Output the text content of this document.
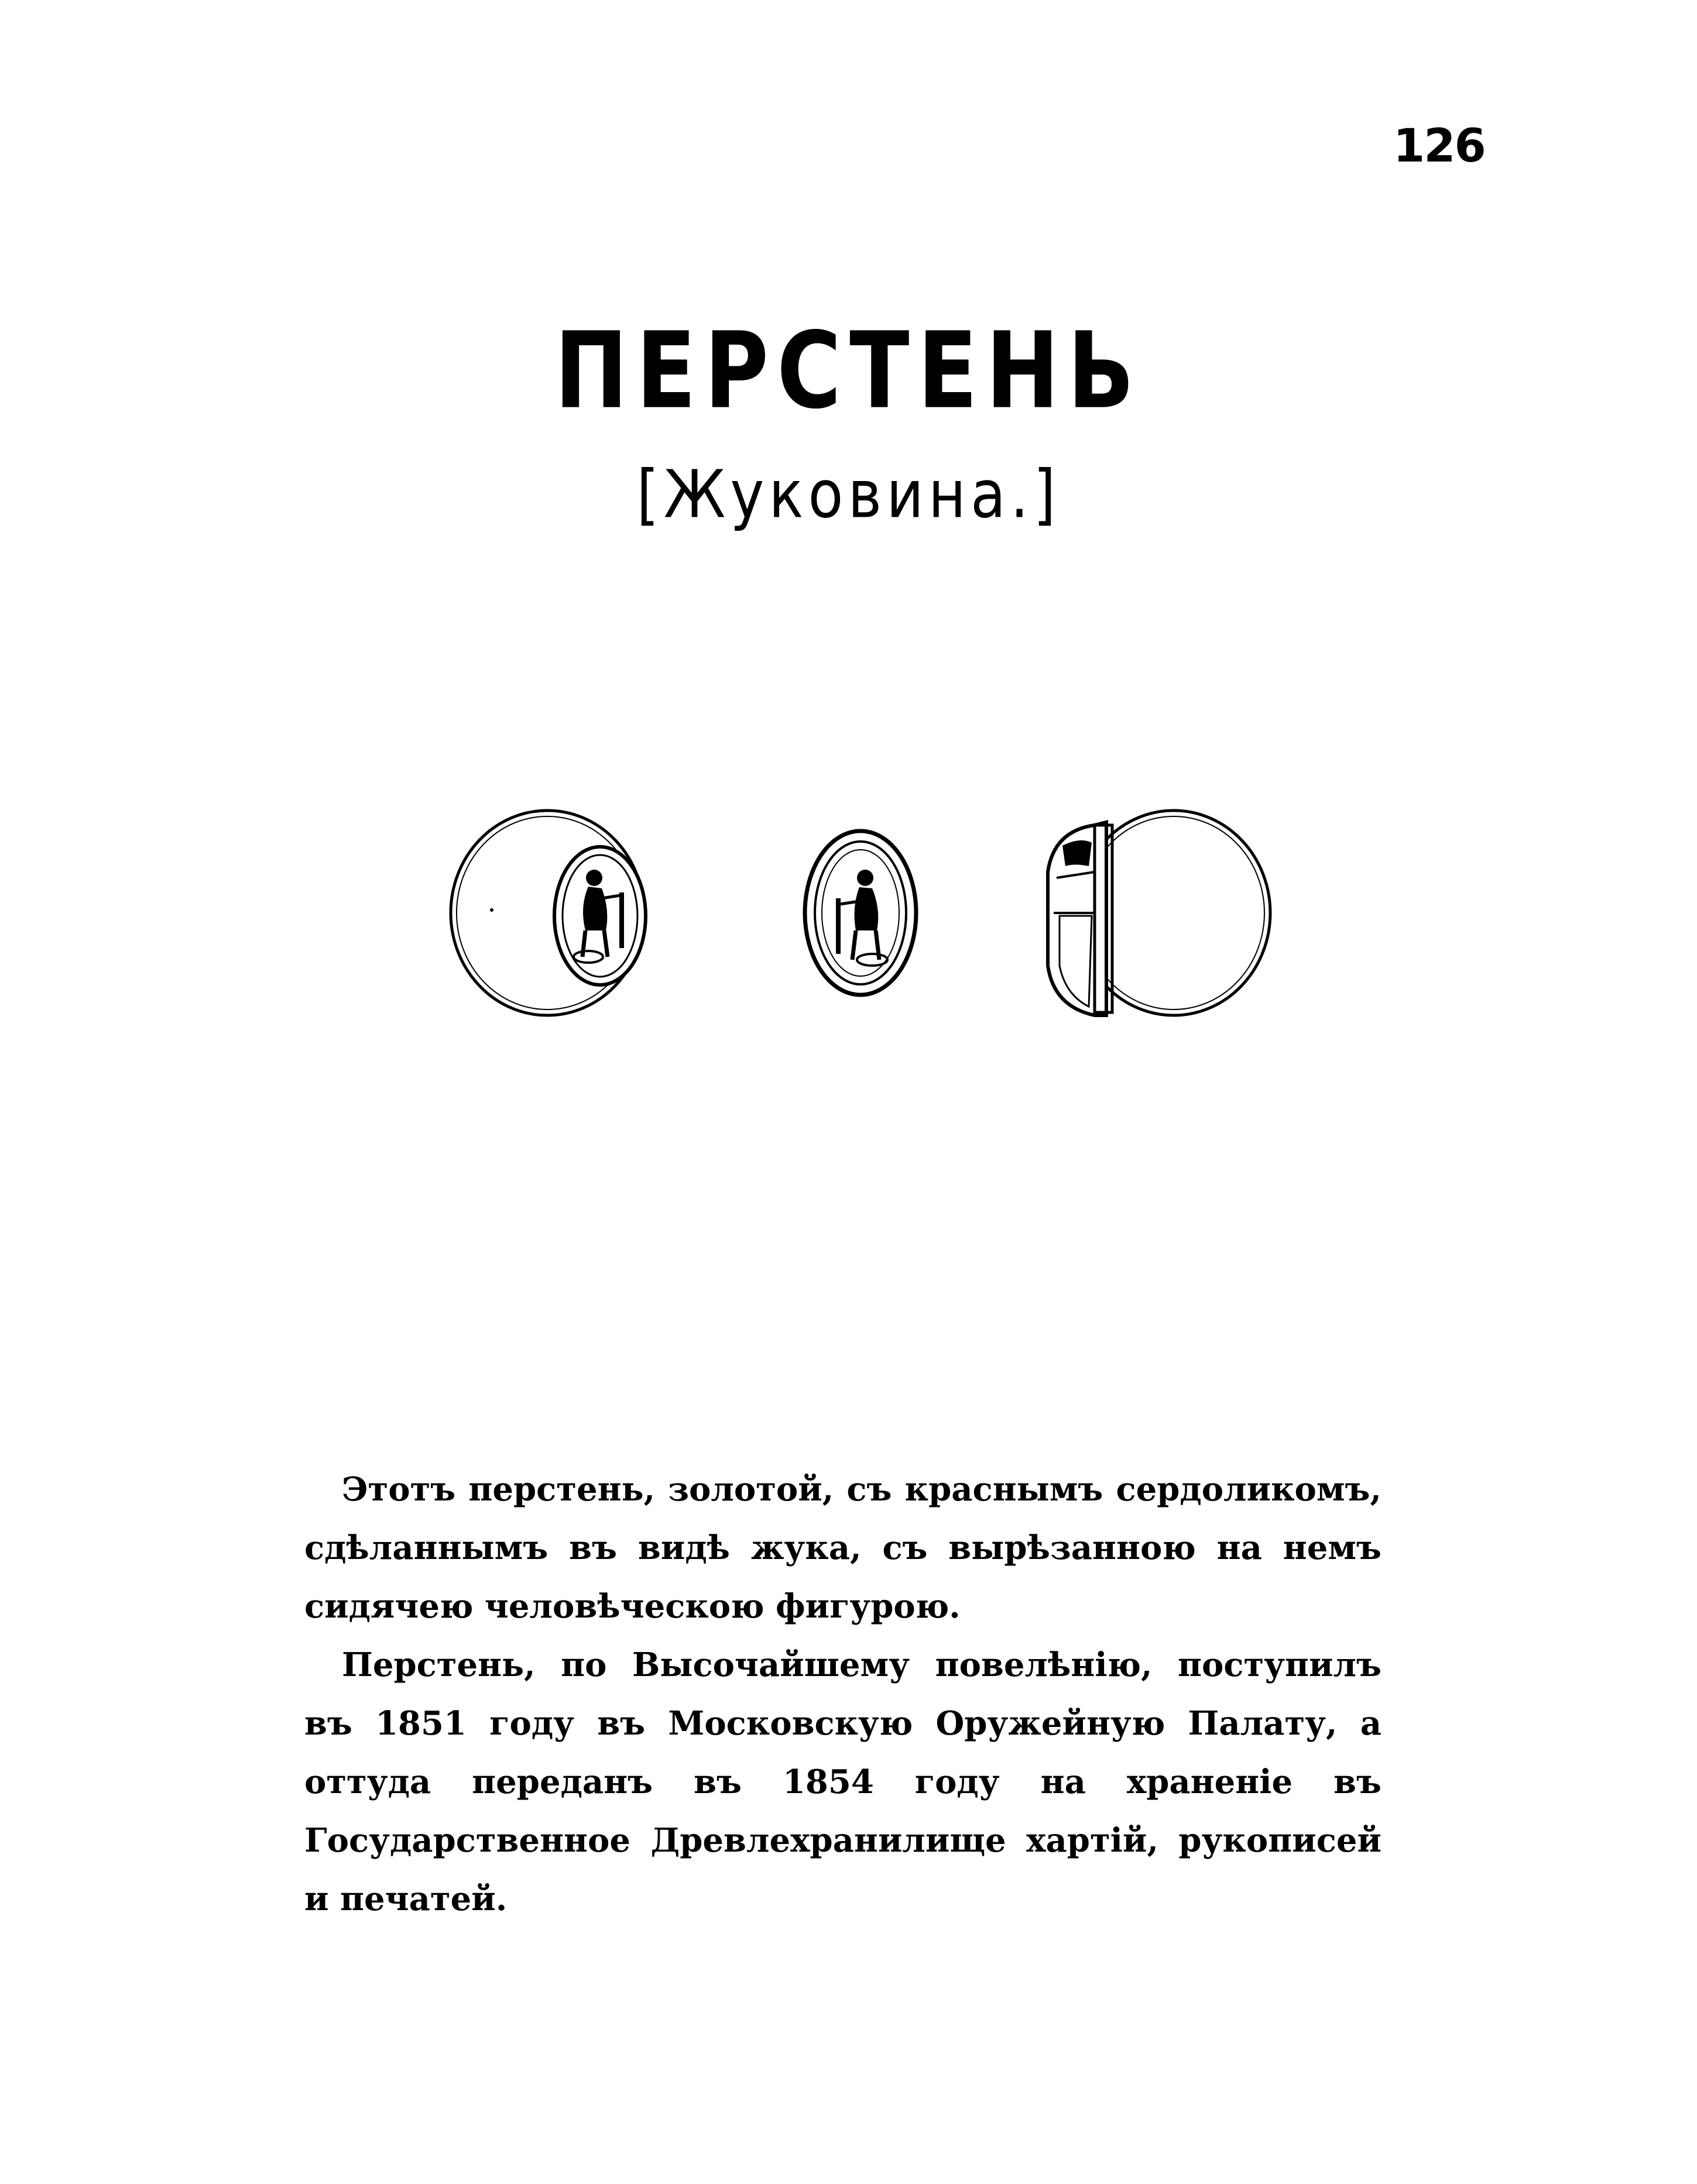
126
ПЕРСТЕНЬ
[Жуковина.]

Этотъ перстень, золотой, съ краснымъ сердоликомъ, сдѣланнымъ въ видѣ жука, съ вырѣзанною на немъ сидячею человѣческою фигурою.

Перстень, по Высочайшему повелѣнію, поступилъ въ 1851 году въ Московскую Оружейную Палату, а оттуда переданъ въ 1854 году на храненіе въ Государственное Древлехранилище хартій, рукописей и печатей.
